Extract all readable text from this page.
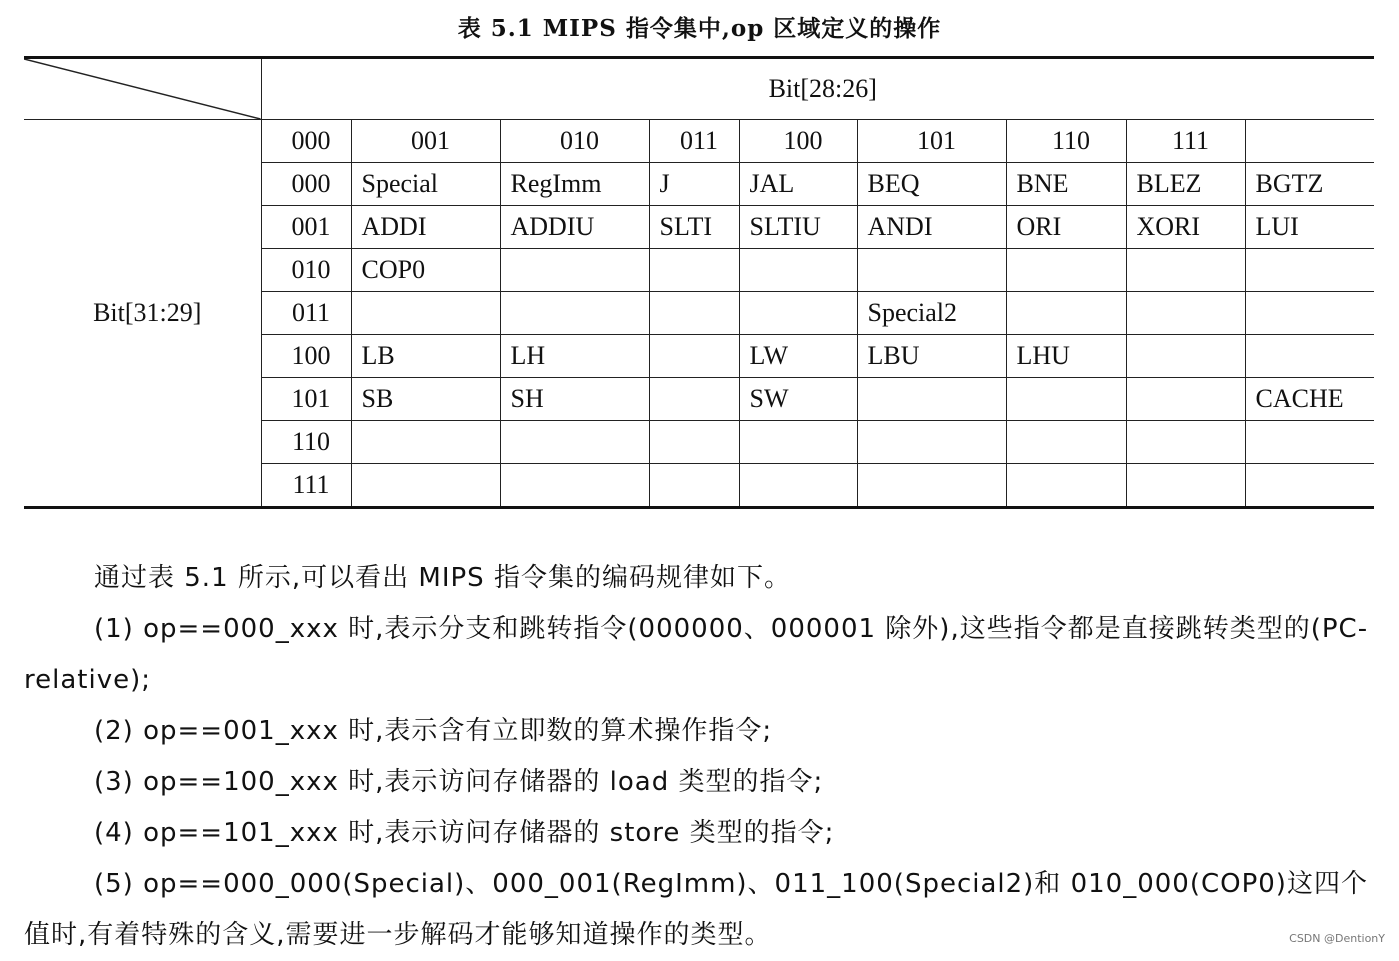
表 5.1 MIPS 指令集中,op 区域定义的操作
	Bit[28:26]								
Bit[31:29]	000	001	010	011	100	101	110	111	
	000	Special	RegImm	J	JAL	BEQ	BNE	BLEZ	BGTZ
	001	ADDI	ADDIU	SLTI	SLTIU	ANDI	ORI	XORI	LUI
	010	COP0							
	011					Special2			
	100	LB	LH		LW	LBU	LHU		
	101	SB	SH		SW				CACHE
	110								
	111								

通过表 5.1 所示,可以看出 MIPS 指令集的编码规律如下。

(1) op==000_xxx 时,表示分支和跳转指令(000000、000001 除外),这些指令都是直接跳转类型的(PC-relative);

(2) op==001_xxx 时,表示含有立即数的算术操作指令;

(3) op==100_xxx 时,表示访问存储器的 load 类型的指令;

(4) op==101_xxx 时,表示访问存储器的 store 类型的指令;

(5) op==000_000(Special)、000_001(RegImm)、011_100(Special2)和 010_000(COP0)这四个值时,有着特殊的含义,需要进一步解码才能够知道操作的类型。	CSDN @DentionY
